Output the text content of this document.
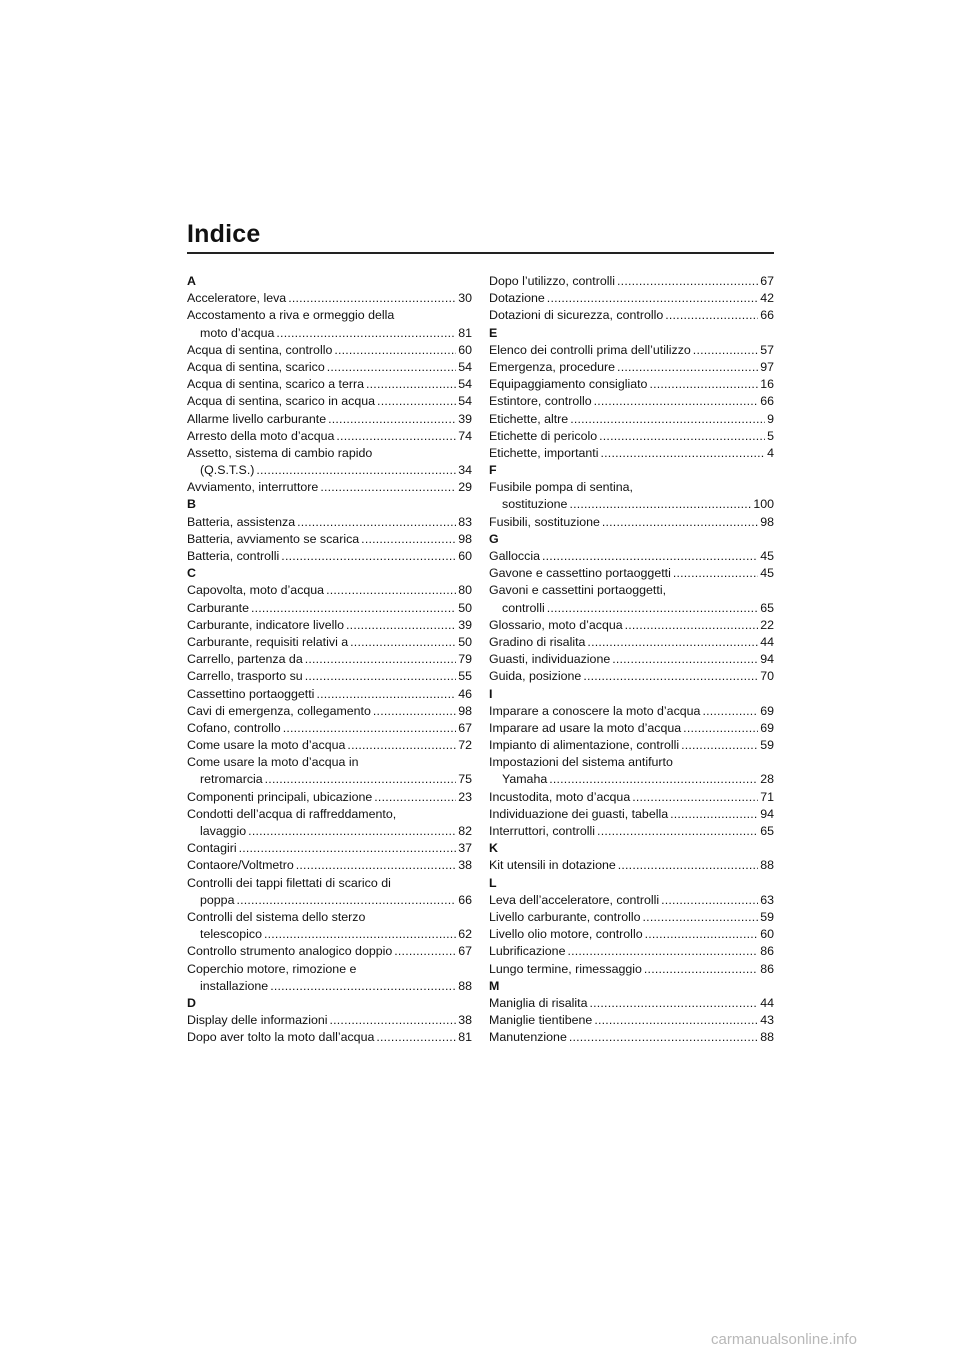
Indice
A
Acceleratore, leva .....	30
Accostamento a riva e ormeggio della
moto d’acqua .....	81
Acqua di sentina, controllo .....	60
Acqua di sentina, scarico .....	54
Acqua di sentina, scarico a terra .....	54
Acqua di sentina, scarico in acqua .....	54
Allarme livello carburante .....	39
Arresto della moto d’acqua .....	74
Assetto, sistema di cambio rapido
(Q.S.T.S.) .....	34
Avviamento, interruttore .....	29
B
Batteria, assistenza .....	83
Batteria, avviamento se scarica .....	98
Batteria, controlli .....	60
C
Capovolta, moto d’acqua .....	80
Carburante .....	50
Carburante, indicatore livello .....	39
Carburante, requisiti relativi a .....	50
Carrello, partenza da .....	79
Carrello, trasporto su .....	55
Cassettino portaoggetti .....	46
Cavi di emergenza, collegamento .....	98
Cofano, controllo .....	67
Come usare la moto d’acqua .....	72
Come usare la moto d’acqua in
retromarcia .....	75
Componenti principali, ubicazione .....	23
Condotti dell’acqua di raffreddamento,
lavaggio .....	82
Contagiri .....	37
Contaore/Voltmetro .....	38
Controlli dei tappi filettati di scarico di
poppa .....	66
Controlli del sistema dello sterzo
telescopico .....	62
Controllo strumento analogico doppio .....	67
Coperchio motore, rimozione e
installazione .....	88
D
Display delle informazioni .....	38
Dopo aver tolto la moto dall’acqua .....	81
Dopo l’utilizzo, controlli .....	67
Dotazione .....	42
Dotazioni di sicurezza, controllo .....	66
E
Elenco dei controlli prima dell’utilizzo .....	57
Emergenza, procedure .....	97
Equipaggiamento consigliato .....	16
Estintore, controllo .....	66
Etichette, altre .....	9
Etichette di pericolo .....	5
Etichette, importanti .....	4
F
Fusibile pompa di sentina,
sostituzione .....	100
Fusibili, sostituzione .....	98
G
Galloccia .....	45
Gavone e cassettino portaoggetti .....	45
Gavoni e cassettini portaoggetti,
controlli .....	65
Glossario, moto d’acqua .....	22
Gradino di risalita .....	44
Guasti, individuazione .....	94
Guida, posizione .....	70
I
Imparare a conoscere la moto d’acqua .....	69
Imparare ad usare la moto d’acqua .....	69
Impianto di alimentazione, controlli .....	59
Impostazioni del sistema antifurto
Yamaha .....	28
Incustodita, moto d’acqua .....	71
Individuazione dei guasti, tabella .....	94
Interruttori, controlli .....	65
K
Kit utensili in dotazione .....	88
L
Leva dell’acceleratore, controlli .....	63
Livello carburante, controllo .....	59
Livello olio motore, controllo .....	60
Lubrificazione .....	86
Lungo termine, rimessaggio .....	86
M
Maniglia di risalita .....	44
Maniglie tientibene .....	43
Manutenzione .....	88
carmanualsonline.info
